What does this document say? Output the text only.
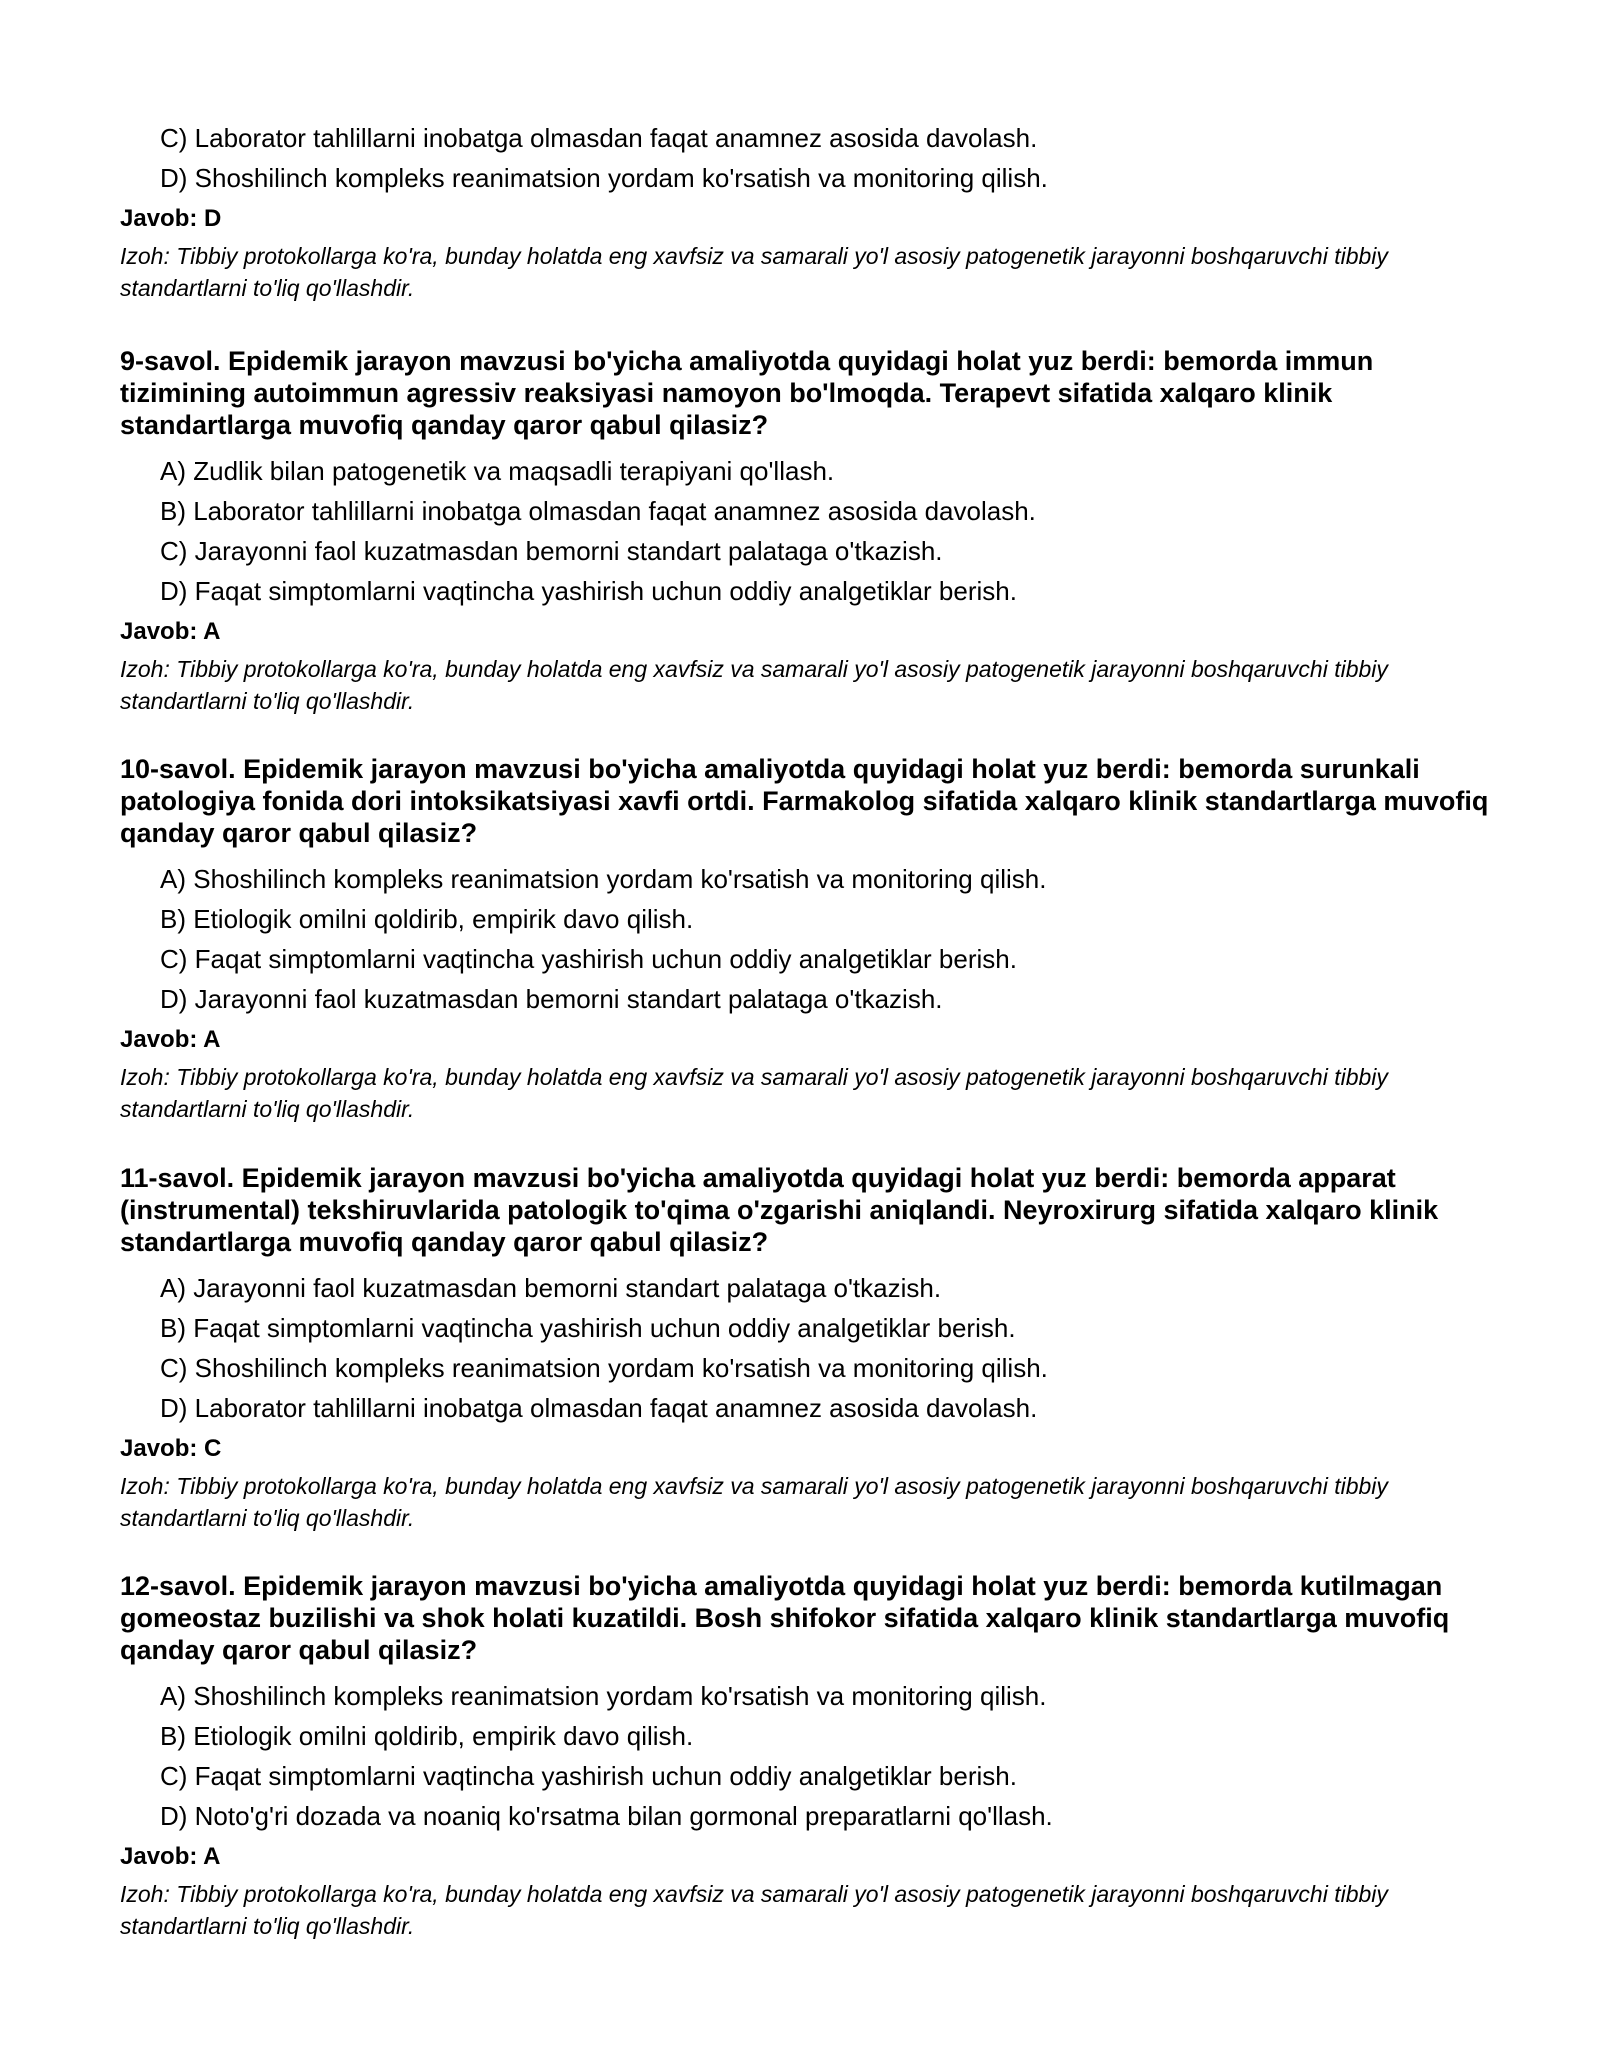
C) Laborator tahlillarni inobatga olmasdan faqat anamnez asosida davolash.
D) Shoshilinch kompleks reanimatsion yordam ko'rsatish va monitoring qilish.
Javob: D
Izoh: Tibbiy protokollarga ko'ra, bunday holatda eng xavfsiz va samarali yo'l asosiy patogenetik jarayonni boshqaruvchi tibbiy standartlarni to'liq qo'llashdir.
9-savol. Epidemik jarayon mavzusi bo'yicha amaliyotda quyidagi holat yuz berdi: bemorda immun tizimining autoimmun agressiv reaksiyasi namoyon bo'lmoqda. Terapevt sifatida xalqaro klinik standartlarga muvofiq qanday qaror qabul qilasiz?
A) Zudlik bilan patogenetik va maqsadli terapiyani qo'llash.
B) Laborator tahlillarni inobatga olmasdan faqat anamnez asosida davolash.
C) Jarayonni faol kuzatmasdan bemorni standart palataga o'tkazish.
D) Faqat simptomlarni vaqtincha yashirish uchun oddiy analgetiklar berish.
Javob: A
Izoh: Tibbiy protokollarga ko'ra, bunday holatda eng xavfsiz va samarali yo'l asosiy patogenetik jarayonni boshqaruvchi tibbiy standartlarni to'liq qo'llashdir.
10-savol. Epidemik jarayon mavzusi bo'yicha amaliyotda quyidagi holat yuz berdi: bemorda surunkali patologiya fonida dori intoksikatsiyasi xavfi ortdi. Farmakolog sifatida xalqaro klinik standartlarga muvofiq qanday qaror qabul qilasiz?
A) Shoshilinch kompleks reanimatsion yordam ko'rsatish va monitoring qilish.
B) Etiologik omilni qoldirib, empirik davo qilish.
C) Faqat simptomlarni vaqtincha yashirish uchun oddiy analgetiklar berish.
D) Jarayonni faol kuzatmasdan bemorni standart palataga o'tkazish.
Javob: A
Izoh: Tibbiy protokollarga ko'ra, bunday holatda eng xavfsiz va samarali yo'l asosiy patogenetik jarayonni boshqaruvchi tibbiy standartlarni to'liq qo'llashdir.
11-savol. Epidemik jarayon mavzusi bo'yicha amaliyotda quyidagi holat yuz berdi: bemorda apparat (instrumental) tekshiruvlarida patologik to'qima o'zgarishi aniqlandi. Neyroxirurg sifatida xalqaro klinik standartlarga muvofiq qanday qaror qabul qilasiz?
A) Jarayonni faol kuzatmasdan bemorni standart palataga o'tkazish.
B) Faqat simptomlarni vaqtincha yashirish uchun oddiy analgetiklar berish.
C) Shoshilinch kompleks reanimatsion yordam ko'rsatish va monitoring qilish.
D) Laborator tahlillarni inobatga olmasdan faqat anamnez asosida davolash.
Javob: C
Izoh: Tibbiy protokollarga ko'ra, bunday holatda eng xavfsiz va samarali yo'l asosiy patogenetik jarayonni boshqaruvchi tibbiy standartlarni to'liq qo'llashdir.
12-savol. Epidemik jarayon mavzusi bo'yicha amaliyotda quyidagi holat yuz berdi: bemorda kutilmagan gomeostaz buzilishi va shok holati kuzatildi. Bosh shifokor sifatida xalqaro klinik standartlarga muvofiq qanday qaror qabul qilasiz?
A) Shoshilinch kompleks reanimatsion yordam ko'rsatish va monitoring qilish.
B) Etiologik omilni qoldirib, empirik davo qilish.
C) Faqat simptomlarni vaqtincha yashirish uchun oddiy analgetiklar berish.
D) Noto'g'ri dozada va noaniq ko'rsatma bilan gormonal preparatlarni qo'llash.
Javob: A
Izoh: Tibbiy protokollarga ko'ra, bunday holatda eng xavfsiz va samarali yo'l asosiy patogenetik jarayonni boshqaruvchi tibbiy standartlarni to'liq qo'llashdir.
